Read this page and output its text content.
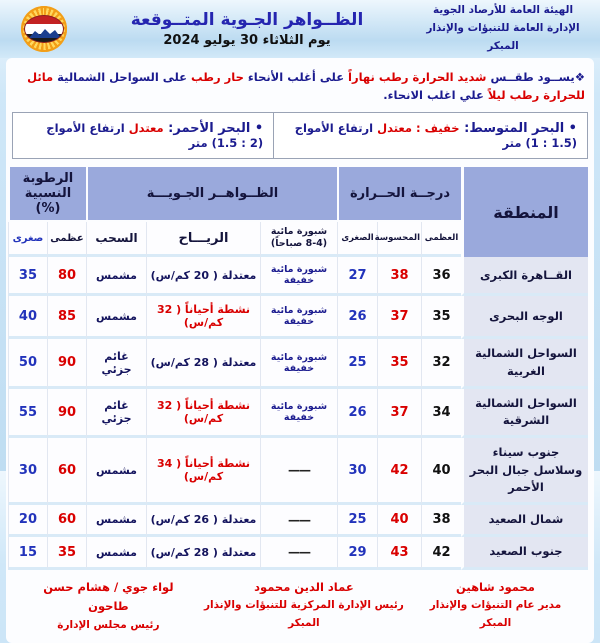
الهيئة العامة للأرصاد الجوية
الإدارة العامة للتنبؤات والإنذار المبكر
الظــواهر الجـوية المتــوقعة
يوم الثلاثاء 30 يوليو 2024
❖يســود طقــس شديد الحرارة رطب نهاراً على أغلب الأنحاء حار رطب على السواحل الشمالية مائل للحرارة رطب ليلاً علي اغلب الانحاء.
• البحر المتوسط: خفيف : معتدل ارتفاع الأمواج ‎(1 : 1.5)‎ متر
• البحر الأحمر: معتدل ارتفاع الأمواج ‎(1.5 : 2)‎ متر
المنطقة	درجــة الحــرارة			الظــواهــر الجـويـــة			الرطوبة النسبية (%)	
	العظمى	المحسوسة	الصغرى	شبورة مائية (4-8 صباحاً)	الريـــاح	السحب	عظمى	صغرى
القــاهرة الكبرى	36	38	27	شبورة مائية خفيفة	معتدلة ( 20 كم/س)	مشمس	80	35
الوجه البحرى	35	37	26	شبورة مائية خفيفة	نشطة أحياناً ( 32 كم/س)	مشمس	85	40
السواحل الشمالية الغربية	32	35	25	شبورة مائية خفيفة	معتدلة ( 28 كم/س)	غائم جزئي	90	50
السواحل الشمالية الشرقية	34	37	26	شبورة مائية خفيفة	نشطة أحياناً ( 32 كم/س)	غائم جزئي	90	55
جنوب سيناء وسلاسل جبال البحر الأحمر	40	42	30	——	نشطة أحياناً ( 34 كم/س)	مشمس	60	30
شمال الصعيد	38	40	25	——	معتدلة ( 26 كم/س)	مشمس	60	20
جنوب الصعيد	42	43	29	——	معتدلة ( 28 كم/س)	مشمس	35	15
محمود شاهين
مدير عام التنبؤات والإنذار المبكر
عماد الدين محمود
رئيس الإدارة المركزية للتنبؤات والإنذار المبكر
لواء جوي / هشام حسن طاحون
رئيس مجلس الإدارة
